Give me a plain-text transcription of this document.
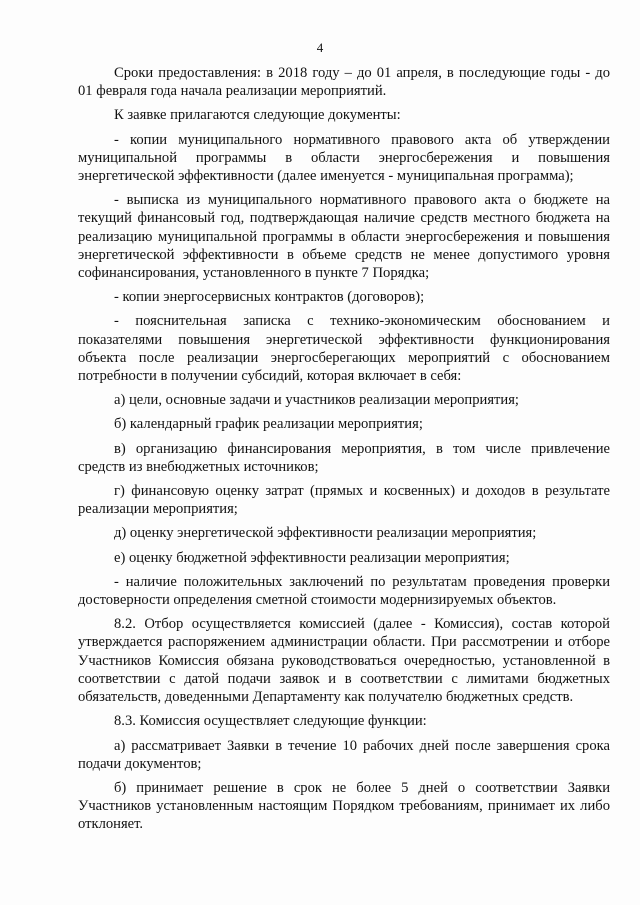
4

Сроки предоставления: в 2018 году – до 01 апреля, в последующие годы - до 01 февраля года начала реализации мероприятий.

К заявке прилагаются следующие документы:

- копии муниципального нормативного правового акта об утверждении муниципальной программы в области энергосбережения и повышения энергетической эффективности (далее именуется - муниципальная программа);

- выписка из муниципального нормативного правового акта о бюджете на текущий финансовый год, подтверждающая наличие средств местного бюджета на реализацию муниципальной программы в области энергосбережения и повышения энергетической эффективности в объеме средств не менее допустимого уровня софинансирования, установленного в пункте 7 Порядка;

- копии энергосервисных контрактов (договоров);

- пояснительная записка с технико-экономическим обоснованием и показателями повышения энергетической эффективности функционирования объекта после реализации энергосберегающих мероприятий с обоснованием потребности в получении субсидий, которая включает в себя:

а) цели, основные задачи и участников реализации мероприятия;

б) календарный график реализации мероприятия;

в) организацию финансирования мероприятия, в том числе привлечение средств из внебюджетных источников;

г) финансовую оценку затрат (прямых и косвенных) и доходов в результате реализации мероприятия;

д) оценку энергетической эффективности реализации мероприятия;

е) оценку бюджетной эффективности реализации мероприятия;

- наличие положительных заключений по результатам проведения проверки достоверности определения сметной стоимости модернизируемых объектов.

8.2. Отбор осуществляется комиссией (далее - Комиссия), состав которой утверждается распоряжением администрации области. При рассмотрении и отборе Участников Комиссия обязана руководствоваться очередностью, установленной в соответствии с датой подачи заявок и в соответствии с лимитами бюджетных обязательств, доведенными Департаменту как получателю бюджетных средств.

8.3. Комиссия осуществляет следующие функции:

а) рассматривает Заявки в течение 10 рабочих дней после завершения срока подачи документов;

б) принимает решение в срок не более 5 дней о соответствии Заявки Участников установленным настоящим Порядком требованиям, принимает их либо отклоняет.
